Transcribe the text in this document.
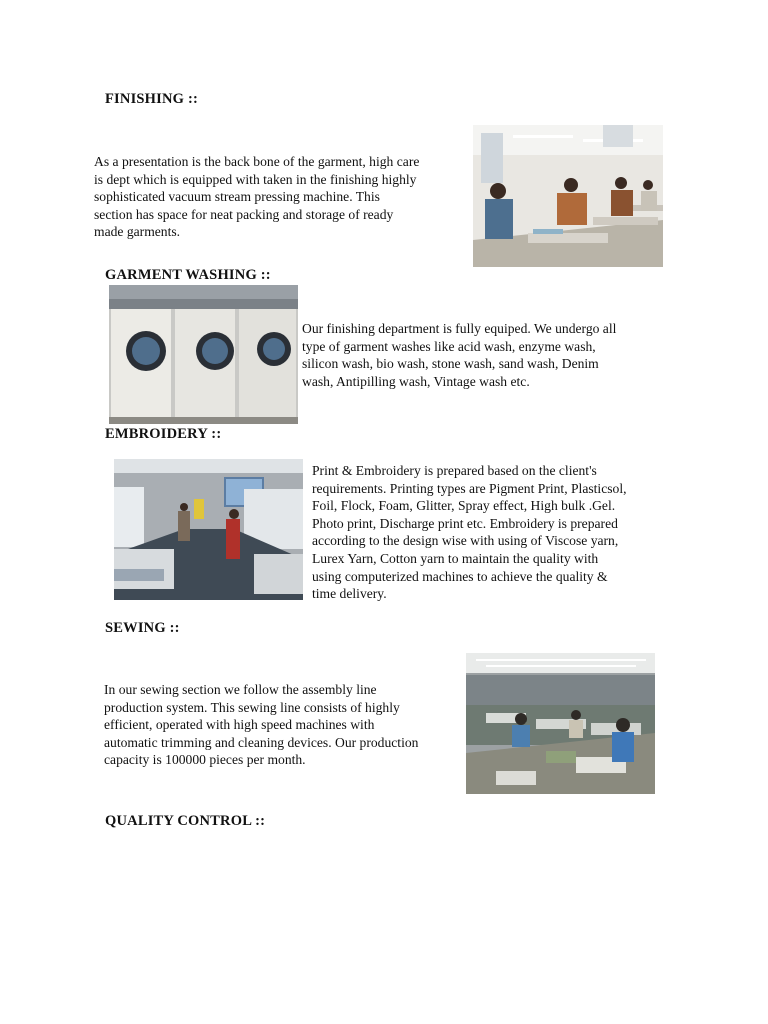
FINISHING ::
As a presentation is the back bone of the garment, high care
is dept which is equipped with taken in the finishing highly
sophisticated vacuum stream pressing machine. This
section has space for neat packing and storage of ready
made garments.
GARMENT WASHING ::
Our finishing department is fully equiped. We undergo all
type of garment washes like acid wash, enzyme wash,
silicon wash, bio wash, stone wash, sand wash, Denim
wash, Antipilling wash, Vintage wash etc.
EMBROIDERY ::
Print & Embroidery is prepared based on the client's
requirements. Printing types are Pigment Print, Plasticsol,
Foil, Flock, Foam, Glitter, Spray effect, High bulk .Gel.
Photo print, Discharge print etc. Embroidery is prepared
according to the design wise with using of Viscose yarn,
Lurex Yarn, Cotton yarn to maintain the quality with
using computerized machines to achieve the quality &
time delivery.
SEWING ::
In our sewing section we follow the assembly line
production system. This sewing line consists of highly
efficient, operated with high speed machines with
automatic trimming and cleaning devices. Our production
capacity is 100000 pieces per month.
QUALITY CONTROL ::
